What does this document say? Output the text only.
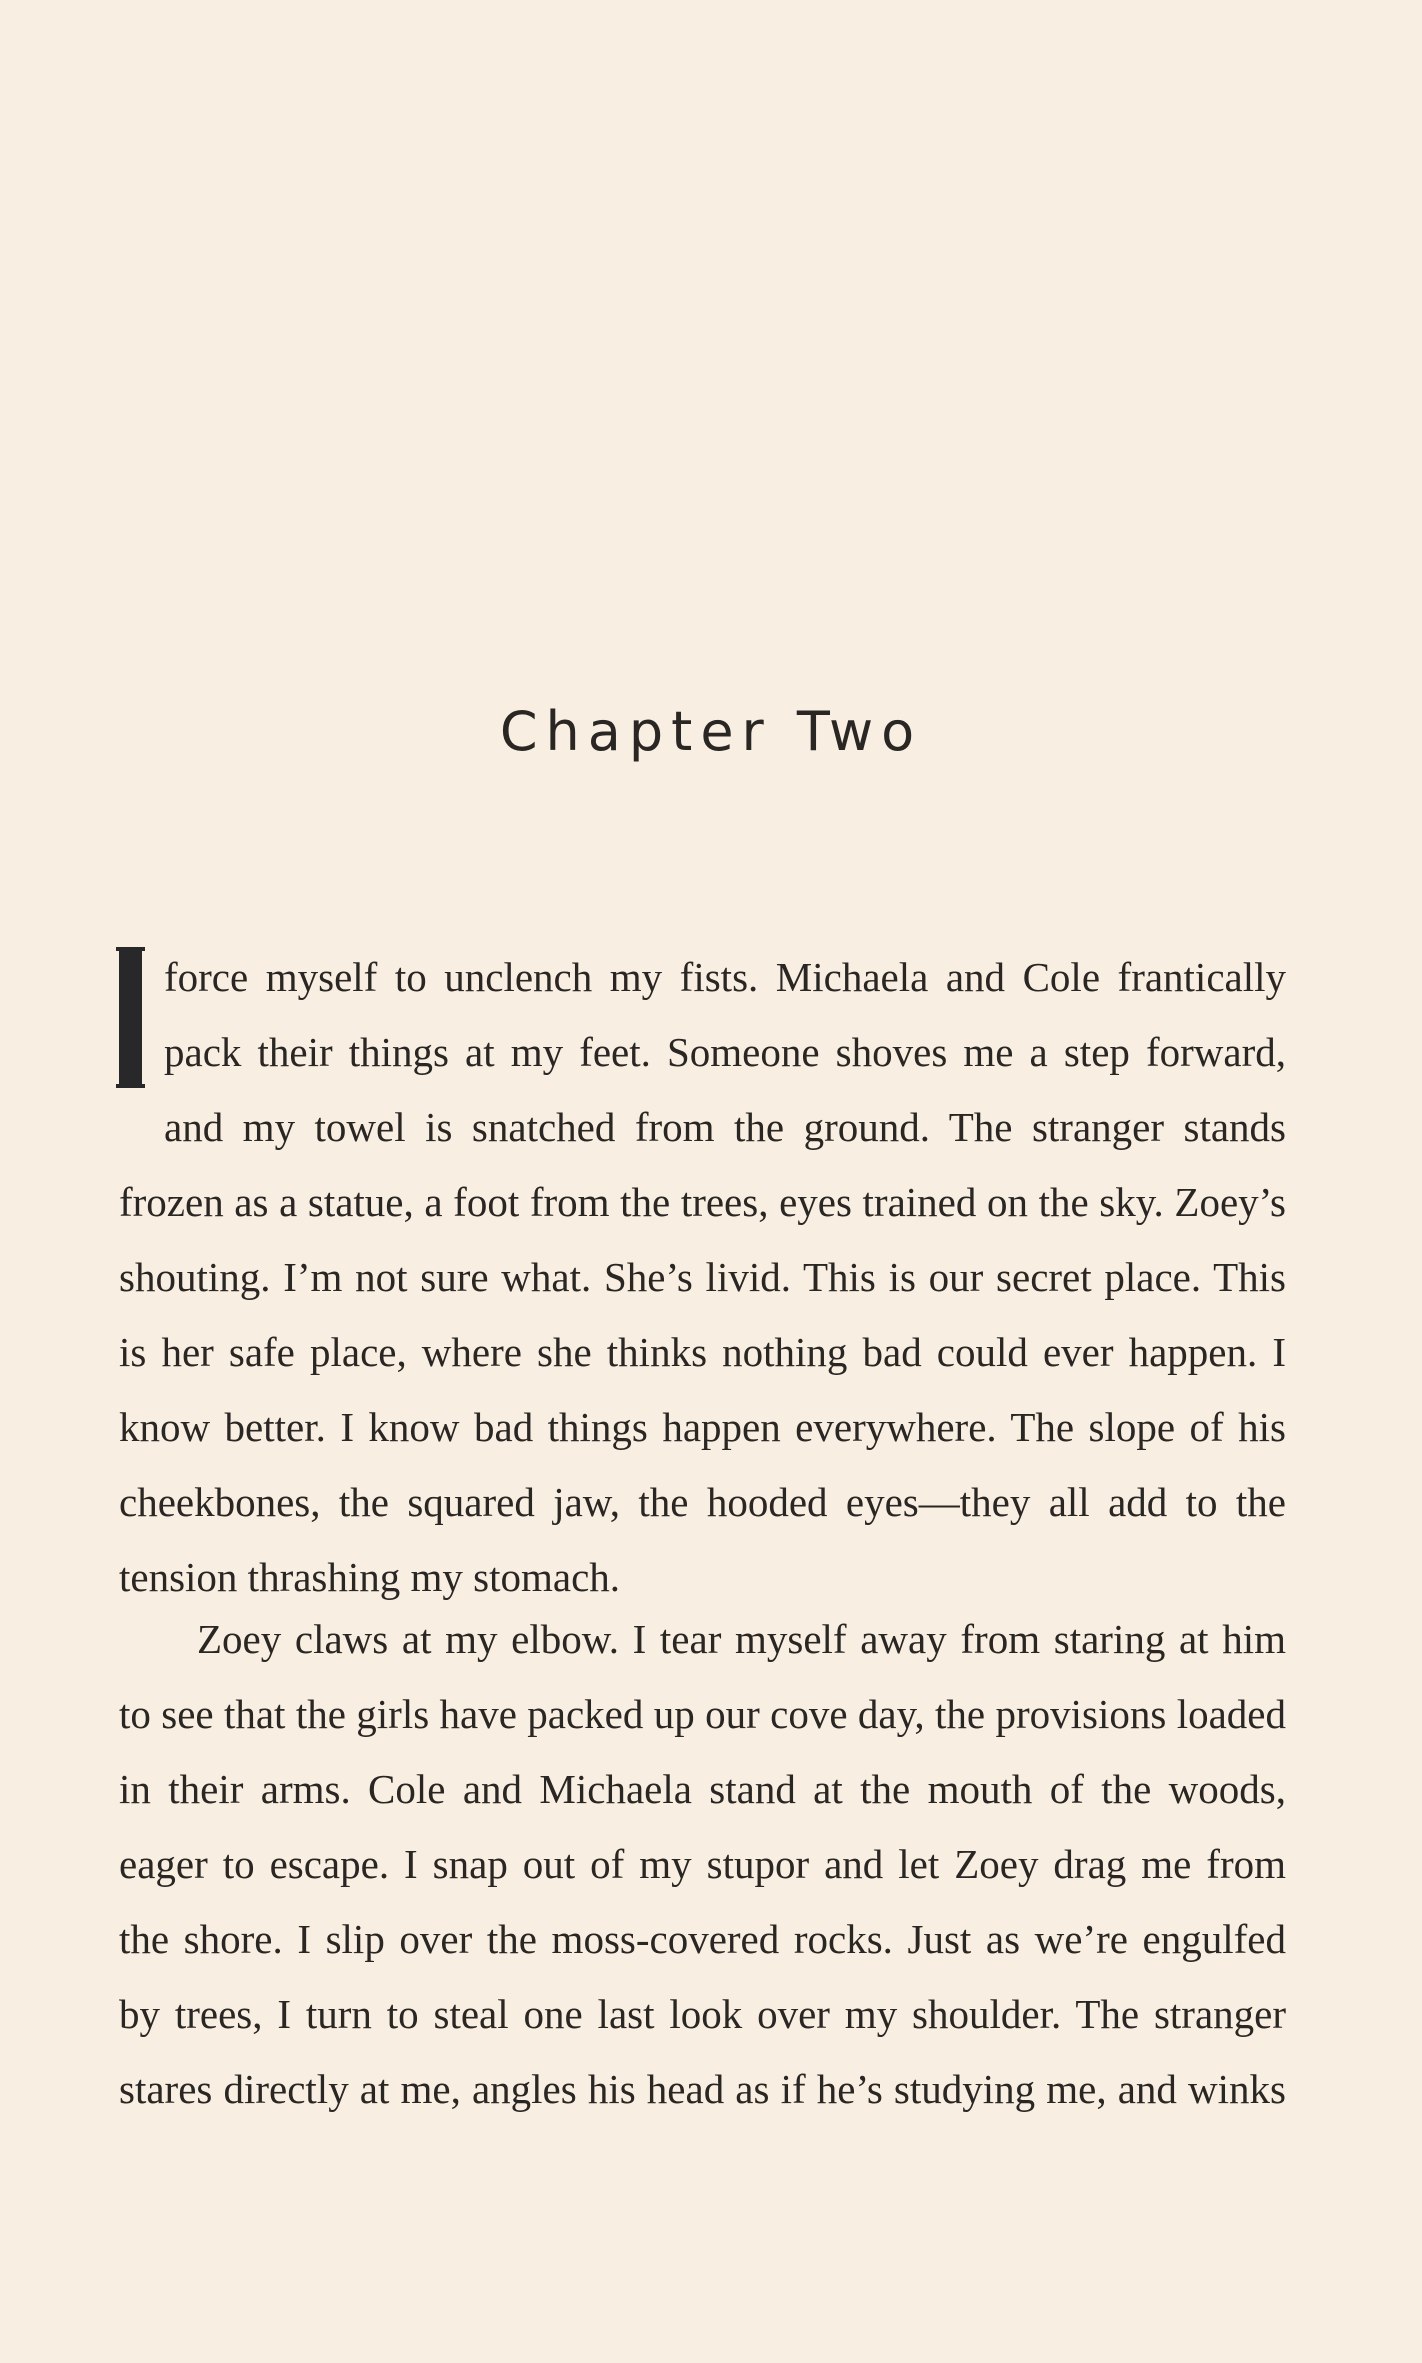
Chapter Two
force myself to unclench my fists. Michaela and Cole frantically
pack their things at my feet. Someone shoves me a step forward,
and my towel is snatched from the ground. The stranger stands
frozen as a statue, a foot from the trees, eyes trained on the sky. Zoey’s
shouting. I’m not sure what. She’s livid. This is our secret place. This
is her safe place, where she thinks nothing bad could ever happen. I
know better. I know bad things happen everywhere. The slope of his
cheekbones, the squared jaw, the hooded eyes—they all add to the
tension thrashing my stomach.
Zoey claws at my elbow. I tear myself away from staring at him
to see that the girls have packed up our cove day, the provisions loaded
in their arms. Cole and Michaela stand at the mouth of the woods,
eager to escape. I snap out of my stupor and let Zoey drag me from
the shore. I slip over the moss-covered rocks. Just as we’re engulfed
by trees, I turn to steal one last look over my shoulder. The stranger
stares directly at me, angles his head as if he’s studying me, and winks
